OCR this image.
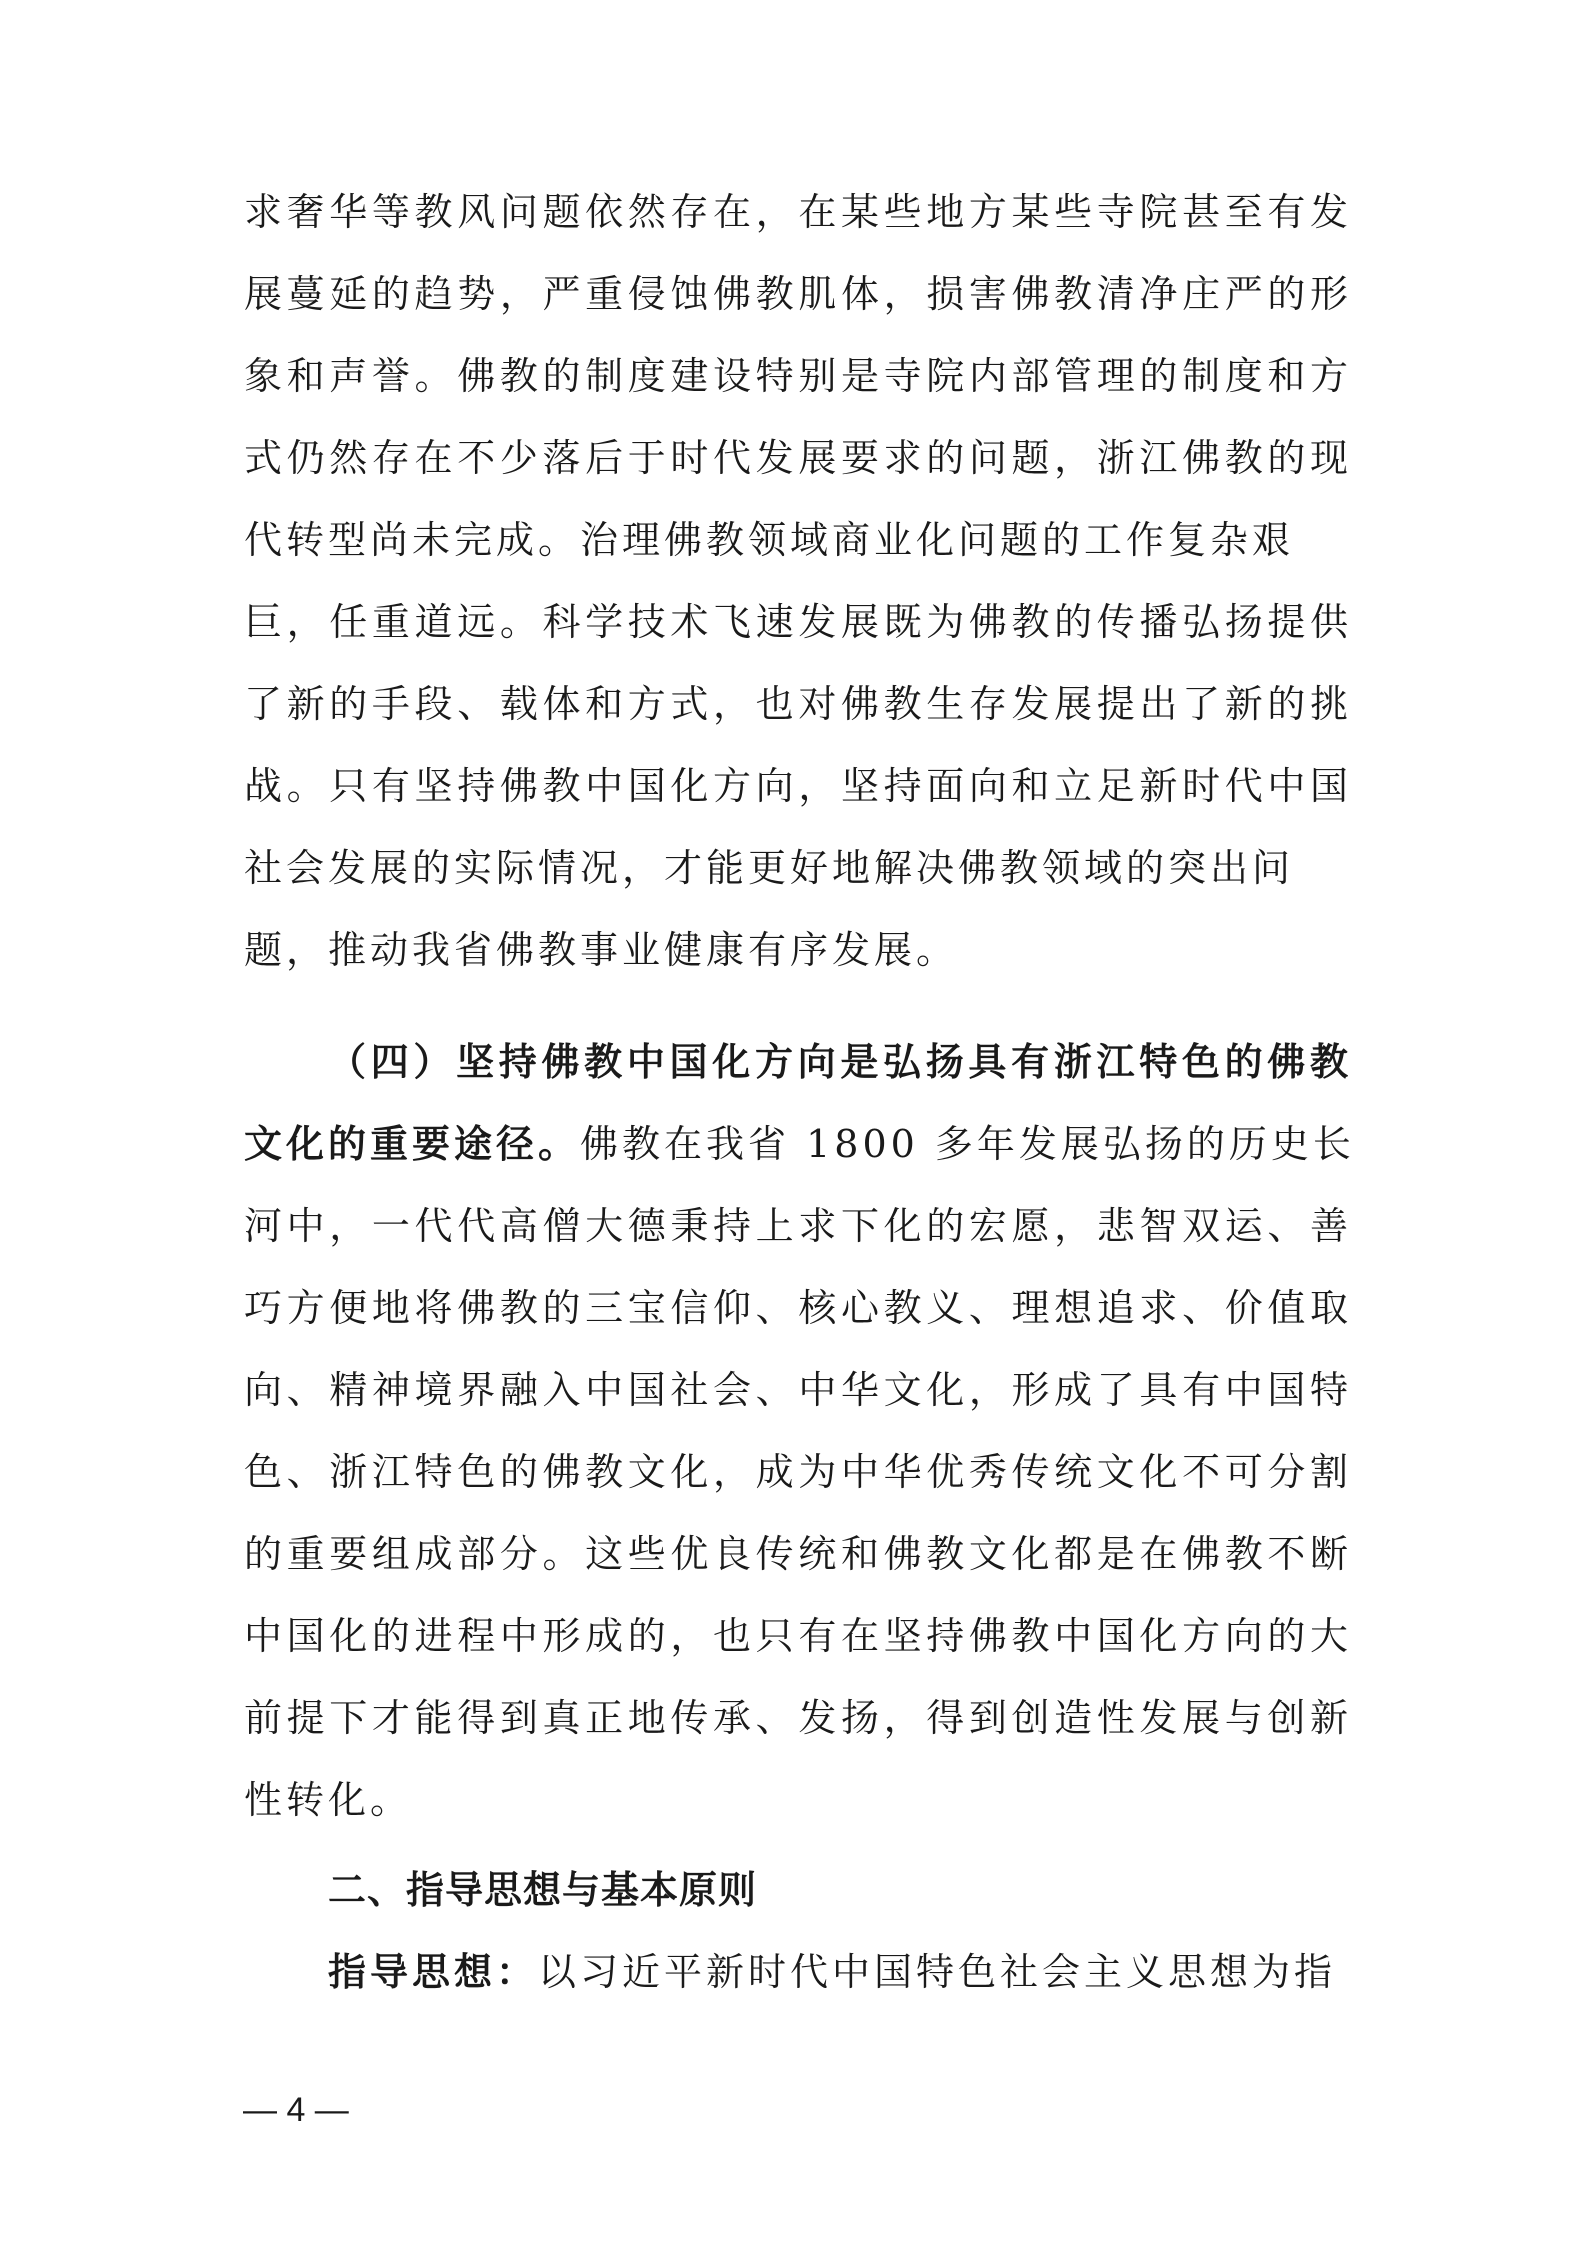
求奢华等教风问题依然存在，在某些地方某些寺院甚至有发
展蔓延的趋势，严重侵蚀佛教肌体，损害佛教清净庄严的形
象和声誉。佛教的制度建设特别是寺院内部管理的制度和方
式仍然存在不少落后于时代发展要求的问题，浙江佛教的现
代转型尚未完成。治理佛教领域商业化问题的工作复杂艰
巨，任重道远。科学技术飞速发展既为佛教的传播弘扬提供
了新的手段、载体和方式，也对佛教生存发展提出了新的挑
战。只有坚持佛教中国化方向，坚持面向和立足新时代中国
社会发展的实际情况，才能更好地解决佛教领域的突出问
题，推动我省佛教事业健康有序发展。
（四）坚持佛教中国化方向是弘扬具有浙江特色的佛教
文化的重要途径。佛教在我省 1800 多年发展弘扬的历史长
河中，一代代高僧大德秉持上求下化的宏愿，悲智双运、善
巧方便地将佛教的三宝信仰、核心教义、理想追求、价值取
向、精神境界融入中国社会、中华文化，形成了具有中国特
色、浙江特色的佛教文化，成为中华优秀传统文化不可分割
的重要组成部分。这些优良传统和佛教文化都是在佛教不断
中国化的进程中形成的，也只有在坚持佛教中国化方向的大
前提下才能得到真正地传承、发扬，得到创造性发展与创新
性转化。
二、指导思想与基本原则
指导思想：以习近平新时代中国特色社会主义思想为指
— 4 —
